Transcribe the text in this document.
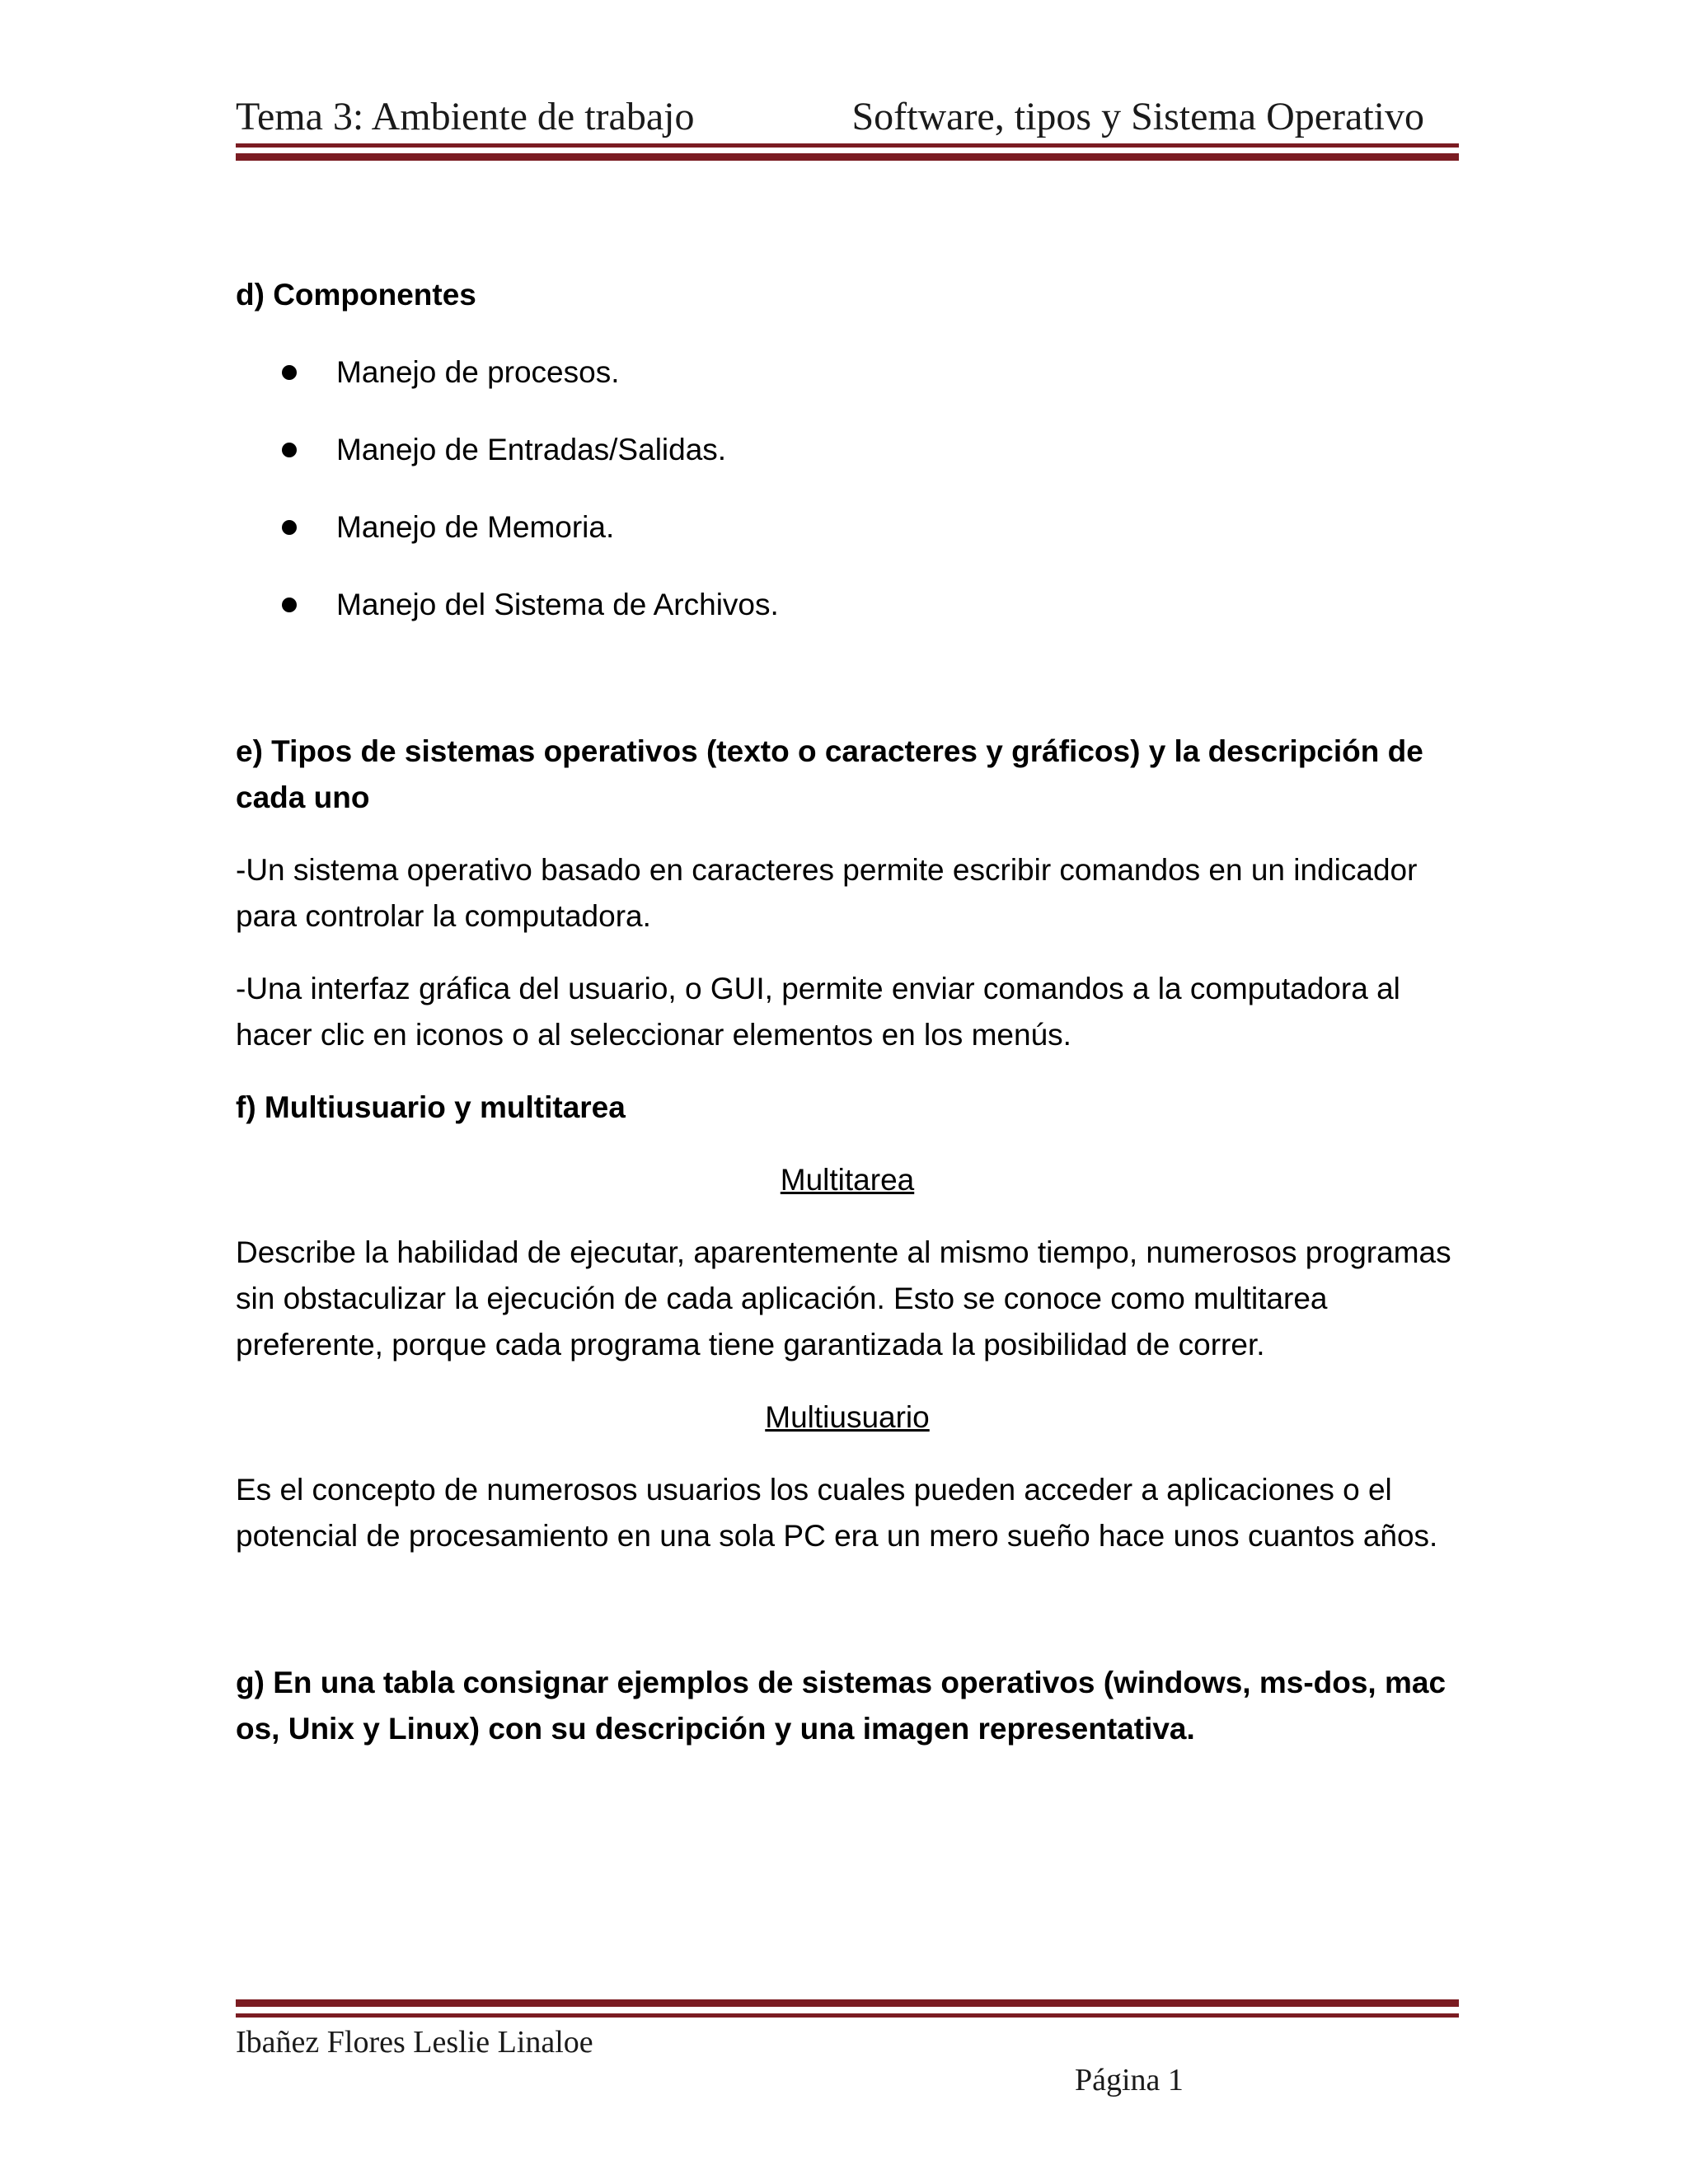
Tema 3: Ambiente de trabajo	Software, tipos y Sistema Operativo

d) Componentes

Manejo de procesos.
Manejo de Entradas/Salidas.
Manejo de Memoria.
Manejo del Sistema de Archivos.

e) Tipos de sistemas operativos (texto o caracteres y gráficos) y la descripción de cada uno

-Un sistema operativo basado en caracteres permite escribir comandos en un indicador para controlar la computadora.

-Una interfaz gráfica del usuario, o GUI, permite enviar comandos a la computadora al hacer clic en iconos o al seleccionar elementos en los menús.

f) Multiusuario y multitarea

Multitarea

Describe la habilidad de ejecutar, aparentemente al mismo tiempo, numerosos programas sin obstaculizar la ejecución de cada aplicación. Esto se conoce como multitarea preferente, porque cada programa tiene garantizada la posibilidad de correr.

Multiusuario

Es el concepto de numerosos usuarios los cuales pueden acceder a aplicaciones o el potencial de procesamiento en una sola PC era un mero sueño hace unos cuantos años.

g) En una tabla consignar ejemplos de sistemas operativos (windows, ms-dos, mac os, Unix y Linux) con su descripción y una imagen representativa.

Ibañez Flores Leslie Linaloe
Página 1
